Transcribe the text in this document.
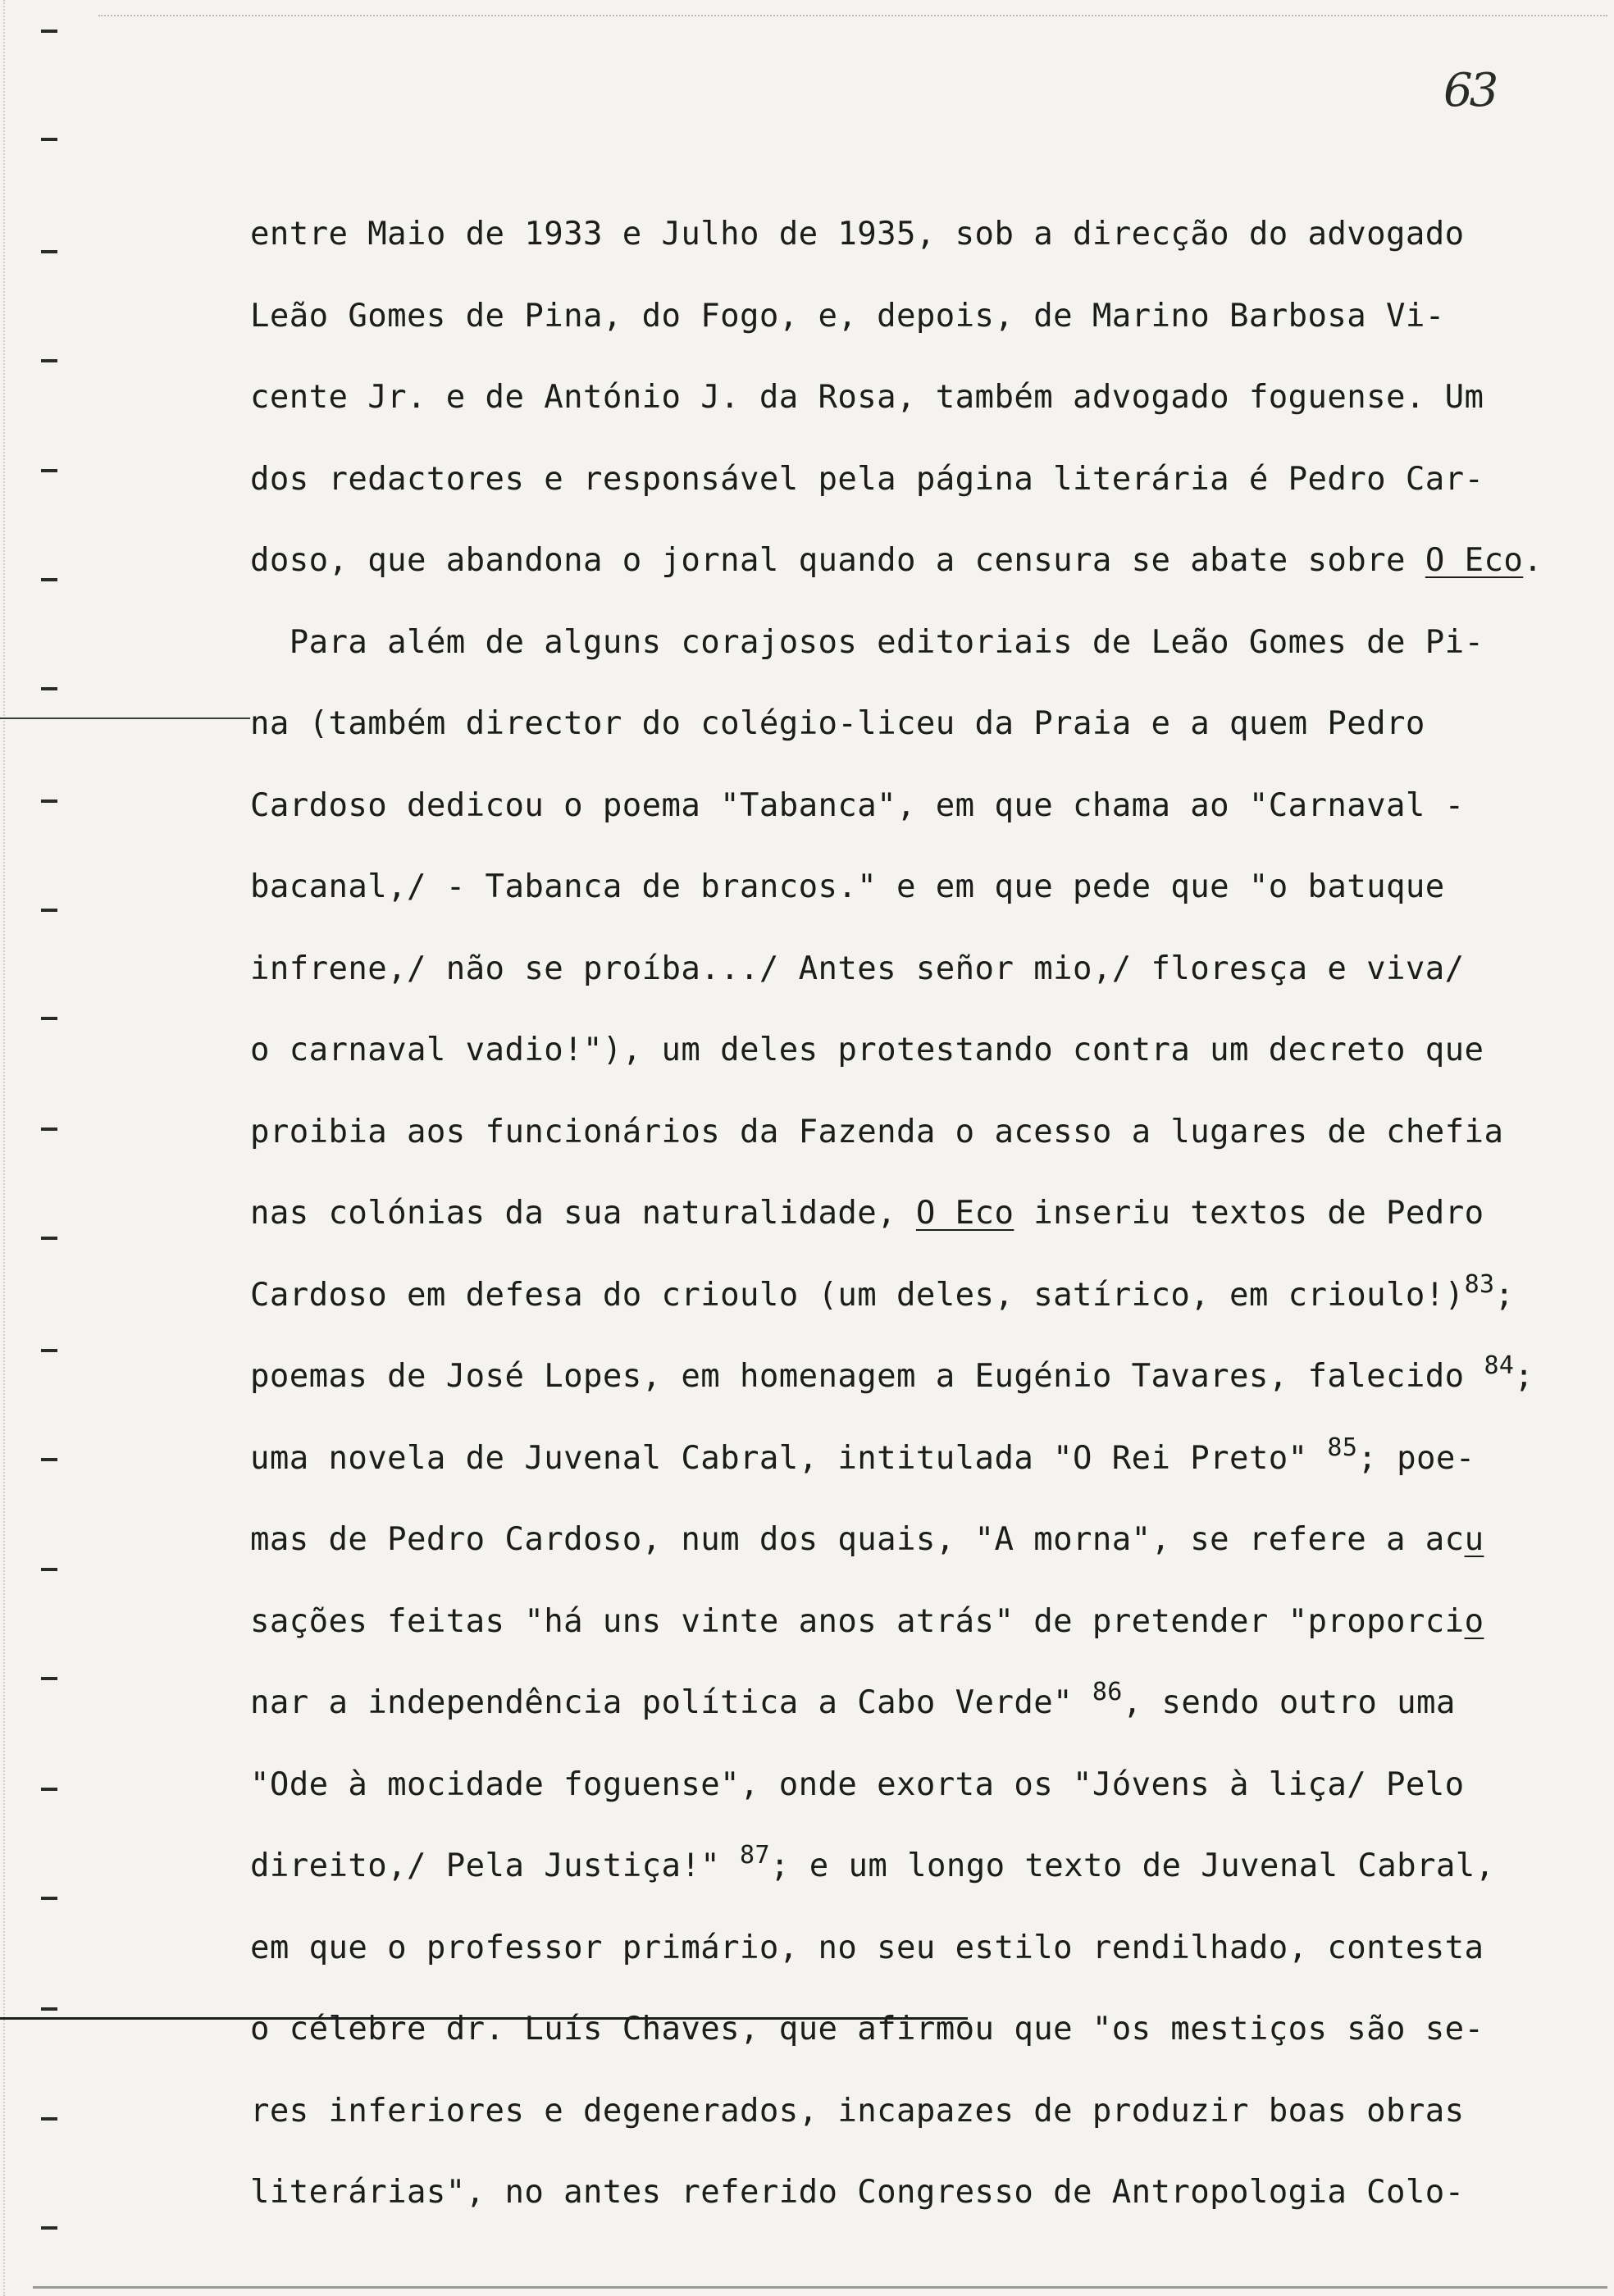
63
entre Maio de 1933 e Julho de 1935, sob a direcção do advogado
Leão Gomes de Pina, do Fogo, e, depois, de Marino Barbosa Vi-
cente Jr. e de António J. da Rosa, também advogado foguense. Um
dos redactores e responsável pela página literária é Pedro Car-
doso, que abandona o jornal quando a censura se abate sobre O Eco.
Para além de alguns corajosos editoriais de Leão Gomes de Pi-
na (também director do colégio-liceu da Praia e a quem Pedro
Cardoso dedicou o poema "Tabanca", em que chama ao "Carnaval -
bacanal,/ - Tabanca de brancos." e em que pede que "o batuque
infrene,/ não se proíba.../ Antes señor mio,/ floresça e viva/
o carnaval vadio!"), um deles protestando contra um decreto que
proibia aos funcionários da Fazenda o acesso a lugares de chefia
nas colónias da sua naturalidade, O Eco inseriu textos de Pedro
Cardoso em defesa do crioulo (um deles, satírico, em crioulo!)$^{83}$;
poemas de José Lopes, em homenagem a Eugénio Tavares, falecido $^{84}$;
uma novela de Juvenal Cabral, intitulada "O Rei Preto" $^{85}$; poe-
mas de Pedro Cardoso, num dos quais, "A morna", se refere a acu
sações feitas "há uns vinte anos atrás" de pretender "proporcio
nar a independência política a Cabo Verde" $^{86}$, sendo outro uma
"Ode à mocidade foguense", onde exorta os "Jóvens à liça/ Pelo
direito,/ Pela Justiça!" $^{87}$; e um longo texto de Juvenal Cabral,
em que o professor primário, no seu estilo rendilhado, contesta
o célebre dr. Luís Chaves, que afirmou que "os mestiços são se-
res inferiores e degenerados, incapazes de produzir boas obras
literárias", no antes referido Congresso de Antropologia Colo-
